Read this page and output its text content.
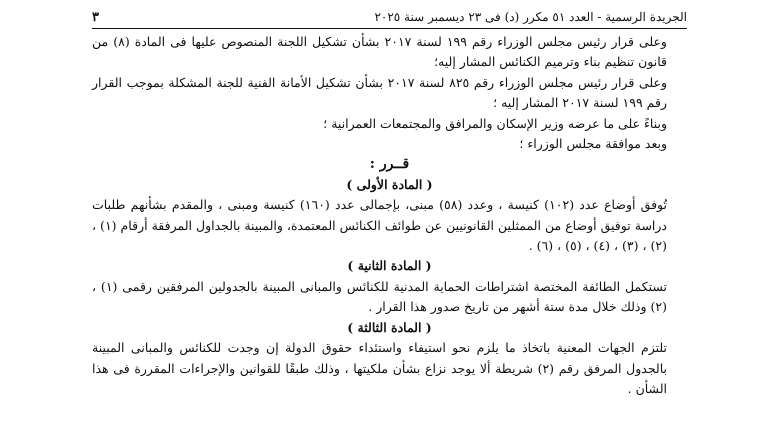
الجريدة الرسمية - العدد ٥١ مكرر (د) فى ٢٣ ديسمبر سنة ٢٠٢٥
٣

وعلى قرار رئيس مجلس الوزراء رقم ١٩٩ لسنة ٢٠١٧ بشأن تشكيل اللجنة المنصوص عليها فى المادة (٨) من قانون تنظيم بناء وترميم الكنائس المشار إليه؛

وعلى قرار رئيس مجلس الوزراء رقم ٨٢٥ لسنة ٢٠١٧ بشأن تشكيل الأمانة الفنية للجنة المشكلة بموجب القرار رقم ١٩٩ لسنة ٢٠١٧ المشار إليه ؛

وبناءً على ما عرضه وزير الإسكان والمرافق والمجتمعات العمرانية ؛

وبعد موافقة مجلس الوزراء ؛

قــرر :

( المادة الأولى )

تُوفق أوضاع عدد (١٠٢) كنيسة ، وعدد (٥٨) مبنى، بإجمالى عدد (١٦٠) كنيسة ومبنى ، والمقدم بشأنهم طلبات دراسة توفيق أوضاع من الممثلين القانونيين عن طوائف الكنائس المعتمدة، والمبينة بالجداول المرفقة أرقام (١) ، (٢) ، (٣) ، (٤) ، (٥) ، (٦) .

( المادة الثانية )

تستكمل الطائفة المختصة اشتراطات الحماية المدنية للكنائس والمبانى المبينة بالجدولين المرفقين رقمى (١) ، (٢) وذلك خلال مدة ستة أشهر من تاريخ صدور هذا القرار .

( المادة الثالثة )

تلتزم الجهات المعنية باتخاذ ما يلزم نحو استيفاء واستئداء حقوق الدولة إن وجدت للكنائس والمبانى المبينة بالجدول المرفق رقم (٢) شريطة ألا يوجد نزاع بشأن ملكيتها ، وذلك طبقًا للقوانين والإجراءات المقررة فى هذا الشأن .
